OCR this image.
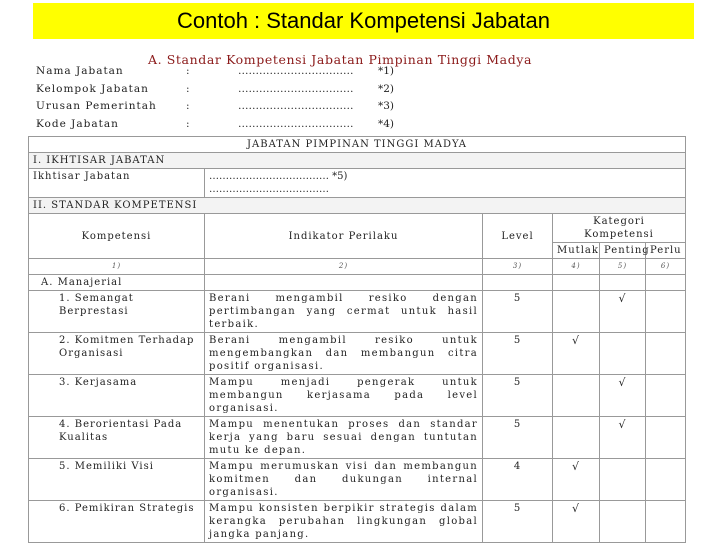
Contoh : Standar Kompetensi Jabatan
A. Standar Kompetensi Jabatan Pimpinan Tinggi Madya
Nama Jabatan	:	……………………………	*1)
Kelompok Jabatan	:	……………………………	*2)
Urusan Pemerintah	:	……………………………	*3)
Kode Jabatan	:	……………………………	*4)
JABATAN PIMPINAN TINGGI MADYA					
I. IKHTISAR JABATAN					
Ikhtisar Jabatan	……………………………… *5)
………………………………				

II. STANDAR KOMPETENSI					
Kompetensi	Indikator Perilaku	Level	Kategori Kompetensi		
			Mutlak	Penting	Perlu
1)	2)	3)	4)	5)	6)
A. Manajerial					
1. Semangat Berprestasi	Berani mengambil resiko dengan pertimbangan yang cermat untuk hasil terbaik.	5		√	
2. Komitmen Terhadap Organisasi	Berani mengambil resiko untuk mengembangkan dan membangun citra positif organisasi.	5	√		
3. Kerjasama	Mampu menjadi pengerak untuk membangun kerjasama pada level organisasi.	5		√	
4. Berorientasi Pada Kualitas	Mampu menentukan proses dan standar kerja yang baru sesuai dengan tuntutan mutu ke depan.	5		√	
5. Memiliki Visi	Mampu merumuskan visi dan membangun komitmen dan dukungan internal organisasi.	4	√		
6. Pemikiran Strategis	Mampu konsisten berpikir strategis dalam kerangka perubahan lingkungan global jangka panjang.	5	√		
